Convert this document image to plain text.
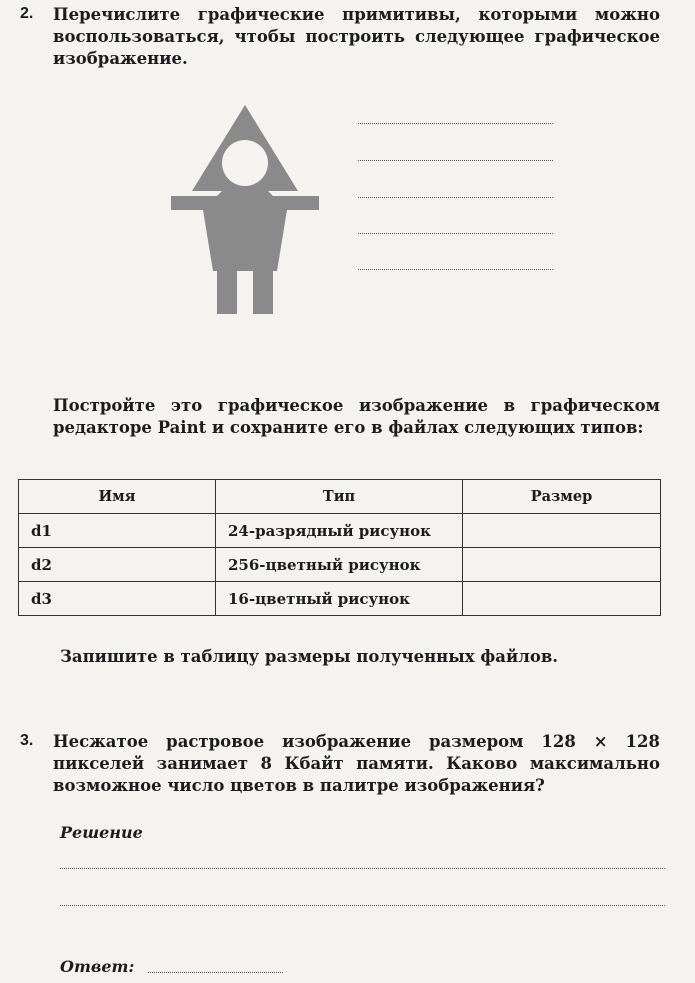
2. Перечислите графические примитивы, которыми можно воспользоваться, чтобы построить следующее графическое изображение.
Постройте это графическое изображение в графическом редакторе Paint и сохраните его в файлах следующих типов:
Имя	Тип	Размер
d1	24-разрядный рисунок	
d2	256-цветный рисунок	
d3	16-цветный рисунок	
Запишите в таблицу размеры полученных файлов.
3. Несжатое растровое изображение размером 128 × 128 пикселей занимает 8 Кбайт памяти. Каково максимально возможное число цветов в палитре изображения?
Решение
Ответ:
